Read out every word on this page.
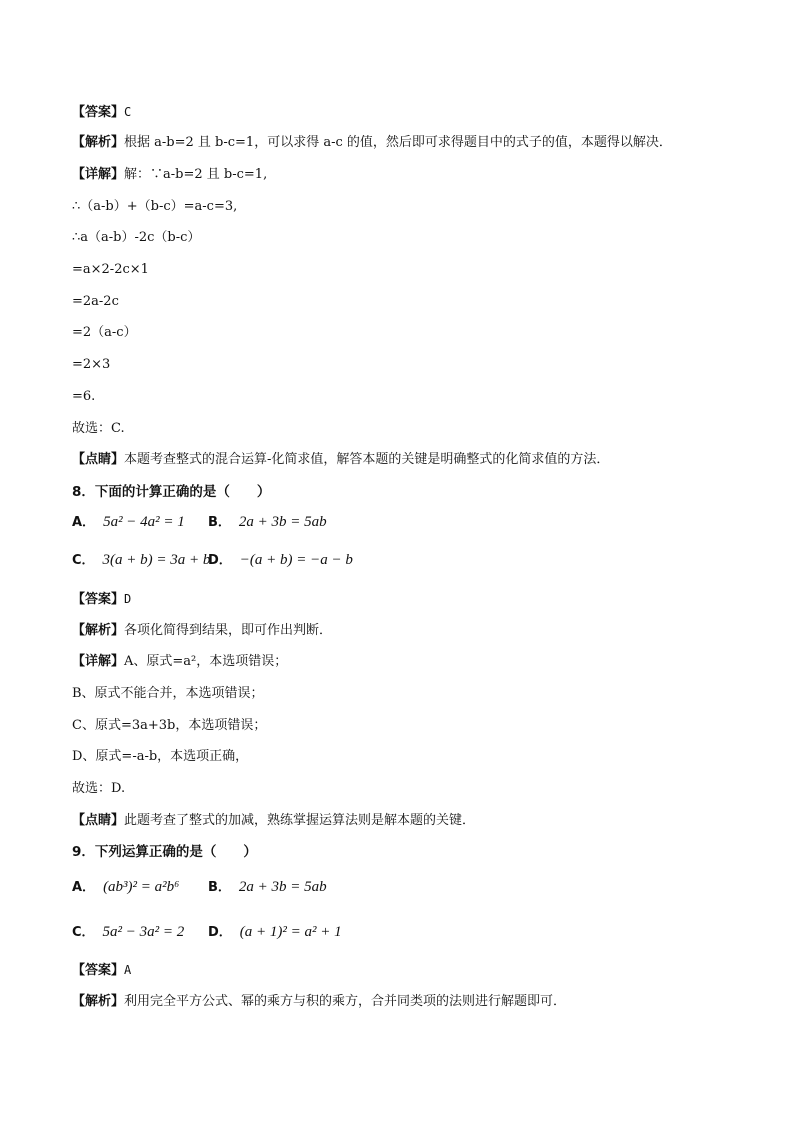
【答案】C
【解析】根据 a-b=2 且 b-c=1，可以求得 a-c 的值，然后即可求得题目中的式子的值，本题得以解决．
【详解】解：∵a-b=2 且 b-c=1,
∴（a-b）+（b-c）=a-c=3,
∴a（a-b）-2c（b-c）
=a×2-2c×1
=2a-2c
=2（a-c）
=2×3
=6.
故选：C.
【点睛】本题考查整式的混合运算-化简求值，解答本题的关键是明确整式的化简求值的方法．
8．下面的计算正确的是（　　）
A． 5a² − 4a² = 1 B． 2a + 3b = 5ab
C． 3(a + b) = 3a + b
D． −(a + b) = −a − b
【答案】D
【解析】各项化简得到结果，即可作出判断．
【详解】A、原式=a²，本选项错误；
B、原式不能合并，本选项错误；
C、原式=3a+3b，本选项错误；
D、原式=-a-b，本选项正确，
故选：D.
【点睛】此题考查了整式的加减，熟练掌握运算法则是解本题的关键．
9．下列运算正确的是（　　）
A． (ab³)² = a²b⁶ B． 2a + 3b = 5ab
C． 5a² − 3a² = 2 D． (a + 1)² = a² + 1
【答案】A
【解析】利用完全平方公式、幂的乘方与积的乘方，合并同类项的法则进行解题即可．
